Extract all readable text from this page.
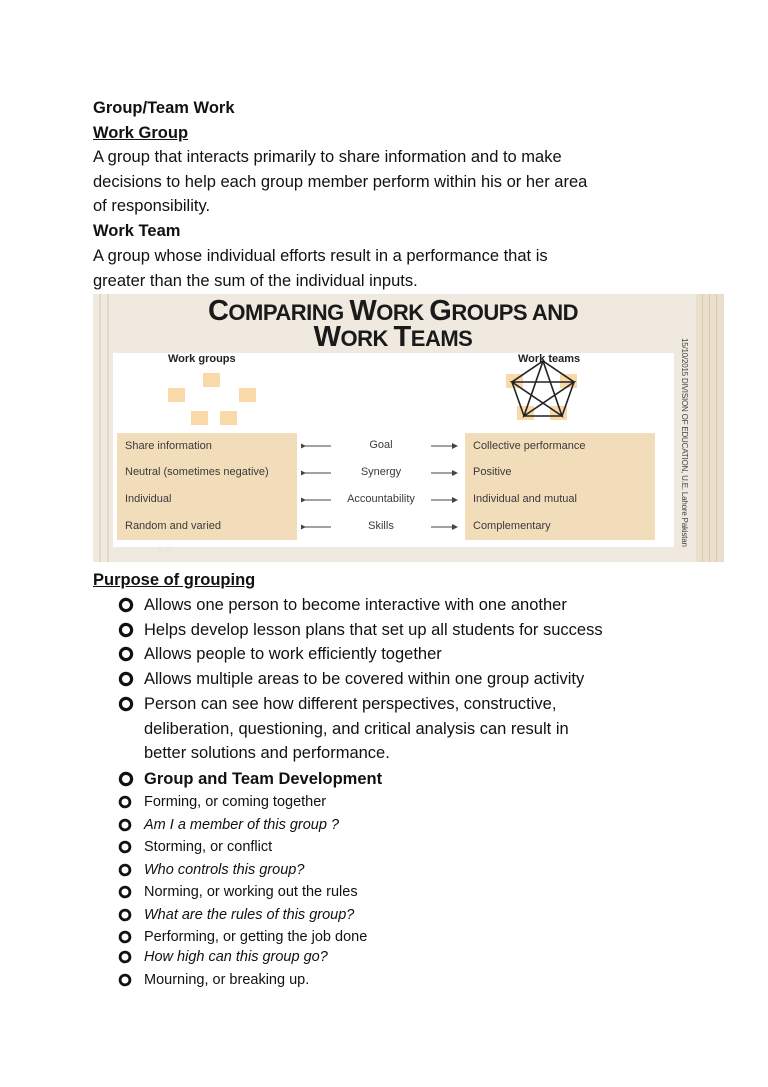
Group/Team Work
Work Group
A group that interacts primarily to share information and to make
decisions to help each group member perform within his or her area
of responsibility.
Work Team
A group whose individual efforts result in a performance that is
greater than the sum of the individual inputs.
COMPARING WORK GROUPS AND
WORK TEAMS
Work groups	Work teams
Share information
Neutral (sometimes negative)
Individual
Random and varied
Collective performance
Positive
Individual and mutual
Complementary
Goal
Synergy
Accountability
Skills
9–5
15/10/2015 DIVISION OF EDUCATION, U.E. Lahore Pakistan
Purpose of grouping
Allows one person to become interactive with one another
Helps develop lesson plans that set up all students for success
Allows people to work efficiently together
Allows multiple areas to be covered within one group activity
Person can see how different perspectives, constructive,
deliberation, questioning, and critical analysis can result in
better solutions and performance.
Group and Team Development
Forming, or coming together
Am I a member of this group ?
Storming, or conflict
Who controls this group?
Norming, or working out the rules
What are the rules of this group?
Performing, or getting the job done
How high can this group go?
Mourning, or breaking up.
